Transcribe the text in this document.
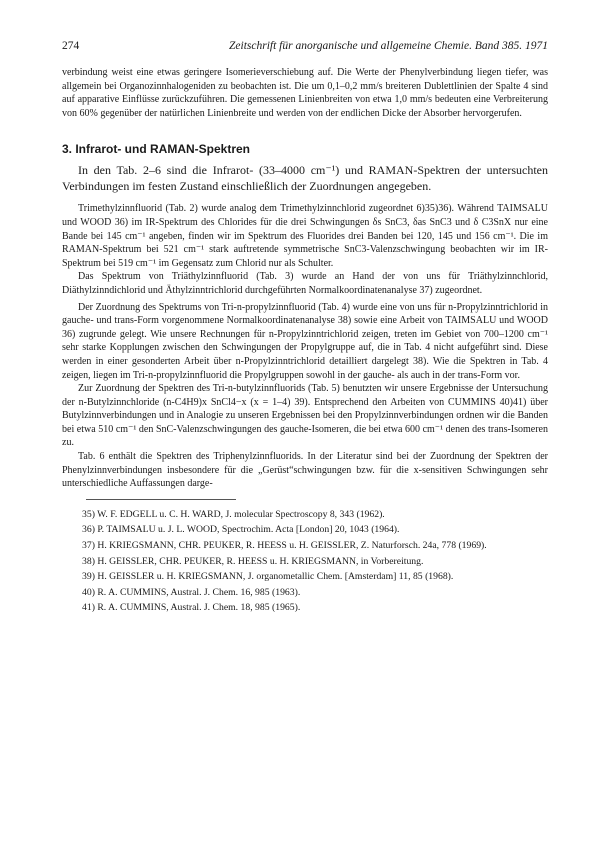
274	Zeitschrift für anorganische und allgemeine Chemie. Band 385. 1971

verbindung weist eine etwas geringere Isomerieverschiebung auf. Die Werte der Phenylverbindung liegen tiefer, was allgemein bei Organozinnhalogeniden zu beobachten ist. Die um 0,1–0,2 mm/s breiteren Dublettlinien der Spalte 4 sind auf apparative Einflüsse zurückzuführen. Die gemessenen Linienbreiten von etwa 1,0 mm/s bedeuten eine Verbreiterung von 60% gegenüber der natürlichen Linienbreite und werden von der endlichen Dicke der Absorber hervorgerufen.

3. Infrarot- und RAMAN-Spektren

In den Tab. 2–6 sind die Infrarot- (33–4000 cm⁻¹) und RAMAN-Spektren der untersuchten Verbindungen im festen Zustand einschließlich der Zuordnungen angegeben.

Trimethylzinnfluorid (Tab. 2) wurde analog dem Trimethylzinnchlorid zugeordnet 6)35)36). Während TAIMSALU und WOOD 36) im IR-Spektrum des Chlorides für die drei Schwingungen δs SnC3, δas SnC3 und δ C3SnX nur eine Bande bei 145 cm⁻¹ angeben, finden wir im Spektrum des Fluorides drei Banden bei 120, 145 und 156 cm⁻¹. Die im RAMAN-Spektrum bei 521 cm⁻¹ stark auftretende symmetrische SnC3-Valenzschwingung beobachten wir im IR-Spektrum bei 519 cm⁻¹ im Gegensatz zum Chlorid nur als Schulter.

Das Spektrum von Triäthylzinnfluorid (Tab. 3) wurde an Hand der von uns für Triäthylzinnchlorid, Diäthylzinndichlorid und Äthylzinntrichlorid durchgeführten Normalkoordinatenanalyse 37) zugeordnet.

Der Zuordnung des Spektrums von Tri-n-propylzinnfluorid (Tab. 4) wurde eine von uns für n-Propylzinntrichlorid in gauche- und trans-Form vorgenommene Normalkoordinatenanalyse 38) sowie eine Arbeit von TAIMSALU und WOOD 36) zugrunde gelegt. Wie unsere Rechnungen für n-Propylzinntrichlorid zeigen, treten im Gebiet von 700–1200 cm⁻¹ sehr starke Kopplungen zwischen den Schwingungen der Propylgruppe auf, die in Tab. 4 nicht aufgeführt sind. Diese werden in einer gesonderten Arbeit über n-Propylzinntrichlorid detailliert dargelegt 38). Wie die Spektren in Tab. 4 zeigen, liegen im Tri-n-propylzinnfluorid die Propylgruppen sowohl in der gauche- als auch in der trans-Form vor.

Zur Zuordnung der Spektren des Tri-n-butylzinnfluorids (Tab. 5) benutzten wir unsere Ergebnisse der Untersuchung der n-Butylzinnchloride (n-C4H9)x SnCl4−x (x = 1–4) 39). Entsprechend den Arbeiten von CUMMINS 40)41) über Butylzinnverbindungen und in Analogie zu unseren Ergebnissen bei den Propylzinnverbindungen ordnen wir die Banden bei etwa 510 cm⁻¹ den SnC-Valenzschwingungen des gauche-Isomeren, die bei etwa 600 cm⁻¹ denen des trans-Isomeren zu.

Tab. 6 enthält die Spektren des Triphenylzinnfluorids. In der Literatur sind bei der Zuordnung der Spektren der Phenylzinnverbindungen insbesondere für die „Gerüst“schwingungen bzw. für die x-sensitiven Schwingungen sehr unterschiedliche Auffassungen darge-

35) W. F. EDGELL u. C. H. WARD, J. molecular Spectroscopy 8, 343 (1962).

36) P. TAIMSALU u. J. L. WOOD, Spectrochim. Acta [London] 20, 1043 (1964).

37) H. KRIEGSMANN, CHR. PEUKER, R. HEESS u. H. GEISSLER, Z. Naturforsch. 24a, 778 (1969).

38) H. GEISSLER, CHR. PEUKER, R. HEESS u. H. KRIEGSMANN, in Vorbereitung.

39) H. GEISSLER u. H. KRIEGSMANN, J. organometallic Chem. [Amsterdam] 11, 85 (1968).

40) R. A. CUMMINS, Austral. J. Chem. 16, 985 (1963).

41) R. A. CUMMINS, Austral. J. Chem. 18, 985 (1965).
